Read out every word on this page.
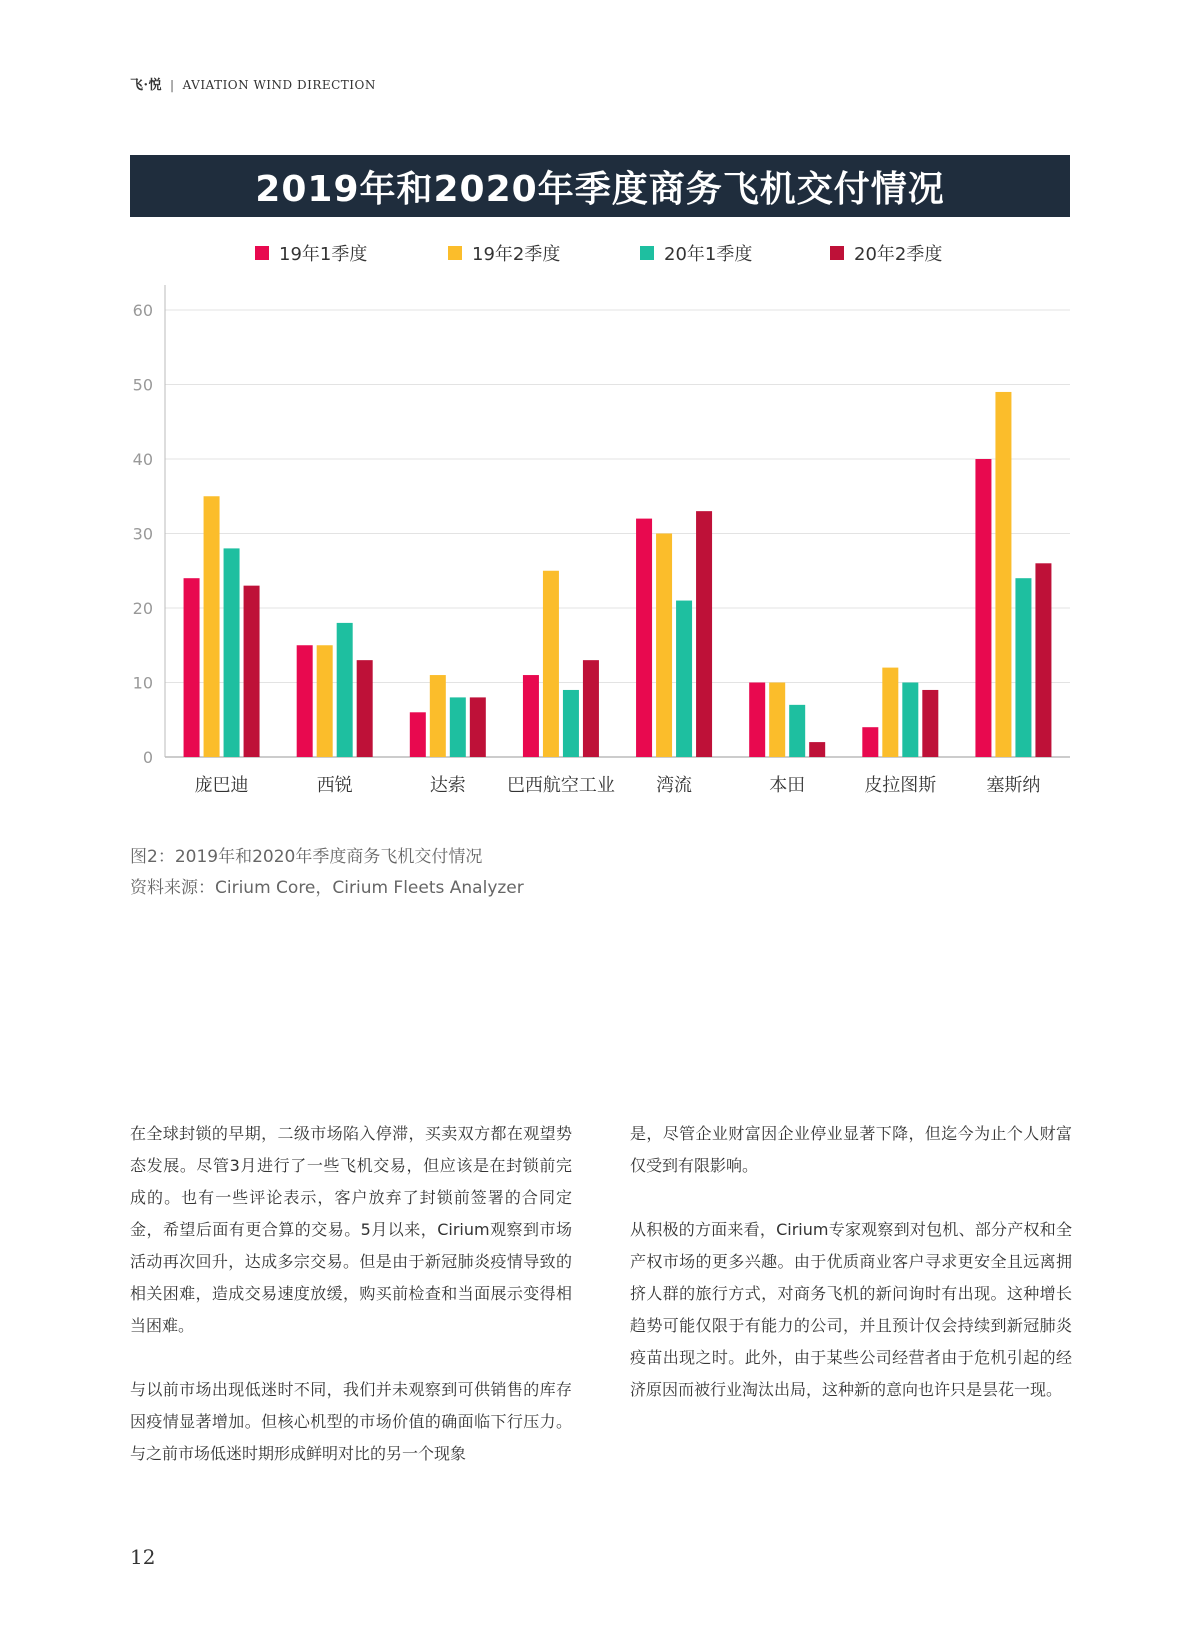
飞·悦 | AVIATION WIND DIRECTION
2019年和2020年季度商务飞机交付情况
19年1季度	19年2季度	20年1季度	20年2季度
0
10
20
30
40
50
60
庞巴迪	西锐	达索 巴西航空工业 湾流	本田	皮拉图斯	塞斯纳
图2：2019年和2020年季度商务飞机交付情况
资料来源：Cirium Core，Cirium Fleets Analyzer

在全球封锁的早期，二级市场陷入停滞，买卖双方都在观望势态发展。尽管3月进行了一些飞机交易，但应该是在封锁前完成的。也有一些评论表示，客户放弃了封锁前签署的合同定金，希望后面有更合算的交易。5月以来，Cirium观察到市场活动再次回升，达成多宗交易。但是由于新冠肺炎疫情导致的相关困难，造成交易速度放缓，购买前检查和当面展示变得相当困难。

与以前市场出现低迷时不同，我们并未观察到可供销售的库存因疫情显著增加。但核心机型的市场价值的确面临下行压力。与之前市场低迷时期形成鲜明对比的另一个现象

是，尽管企业财富因企业停业显著下降，但迄今为止个人财富仅受到有限影响。

从积极的方面来看，Cirium专家观察到对包机、部分产权和全产权市场的更多兴趣。由于优质商业客户寻求更安全且远离拥挤人群的旅行方式，对商务飞机的新问询时有出现。这种增长趋势可能仅限于有能力的公司，并且预计仅会持续到新冠肺炎疫苗出现之时。此外，由于某些公司经营者由于危机引起的经济原因而被行业淘汰出局，这种新的意向也许只是昙花一现。

12
